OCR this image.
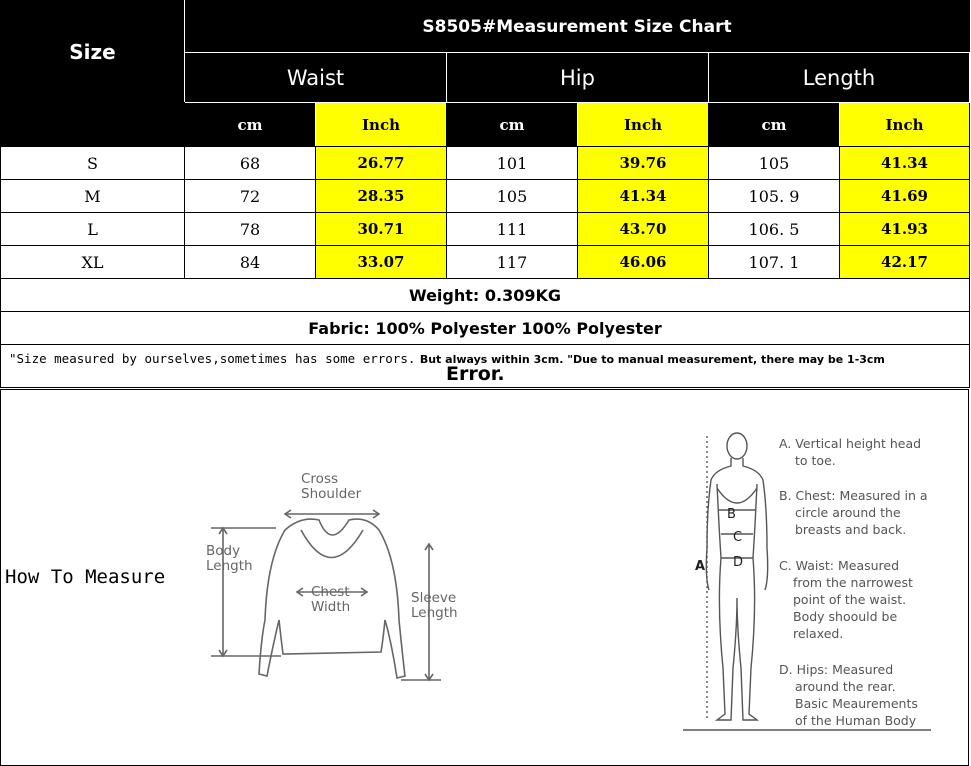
Size	S8505#Measurement Size Chart					
	Waist		Hip		Length	
	cm	Inch	cm	Inch	cm	Inch
S	68	26.77	101	39.76	105	41.34
M	72	28.35	105	41.34	105. 9	41.69
L	78	30.71	111	43.70	106. 5	41.93
XL	84	33.07	117	46.06	107. 1	42.17
Weight: 0.309KG						
Fabric: 100% Polyester 100% Polyester						
"Size measured by ourselves,sometimes has some errors. But always within 3cm. "Due to manual measurement, there may be 1-3cm						
Error.
How To Measure
Cross
Shoulder
Body
Length
Chest
Width
Sleeve
Length
B
C
D
A
A. Vertical height head
to toe.
B. Chest: Measured in a
circle around the
breasts and back.
C. Waist: Measured
from the narrowest
point of the waist.
Body shoould be
relaxed.
D. Hips: Measured
around the rear.
Basic Meaurements
of the Human Body
